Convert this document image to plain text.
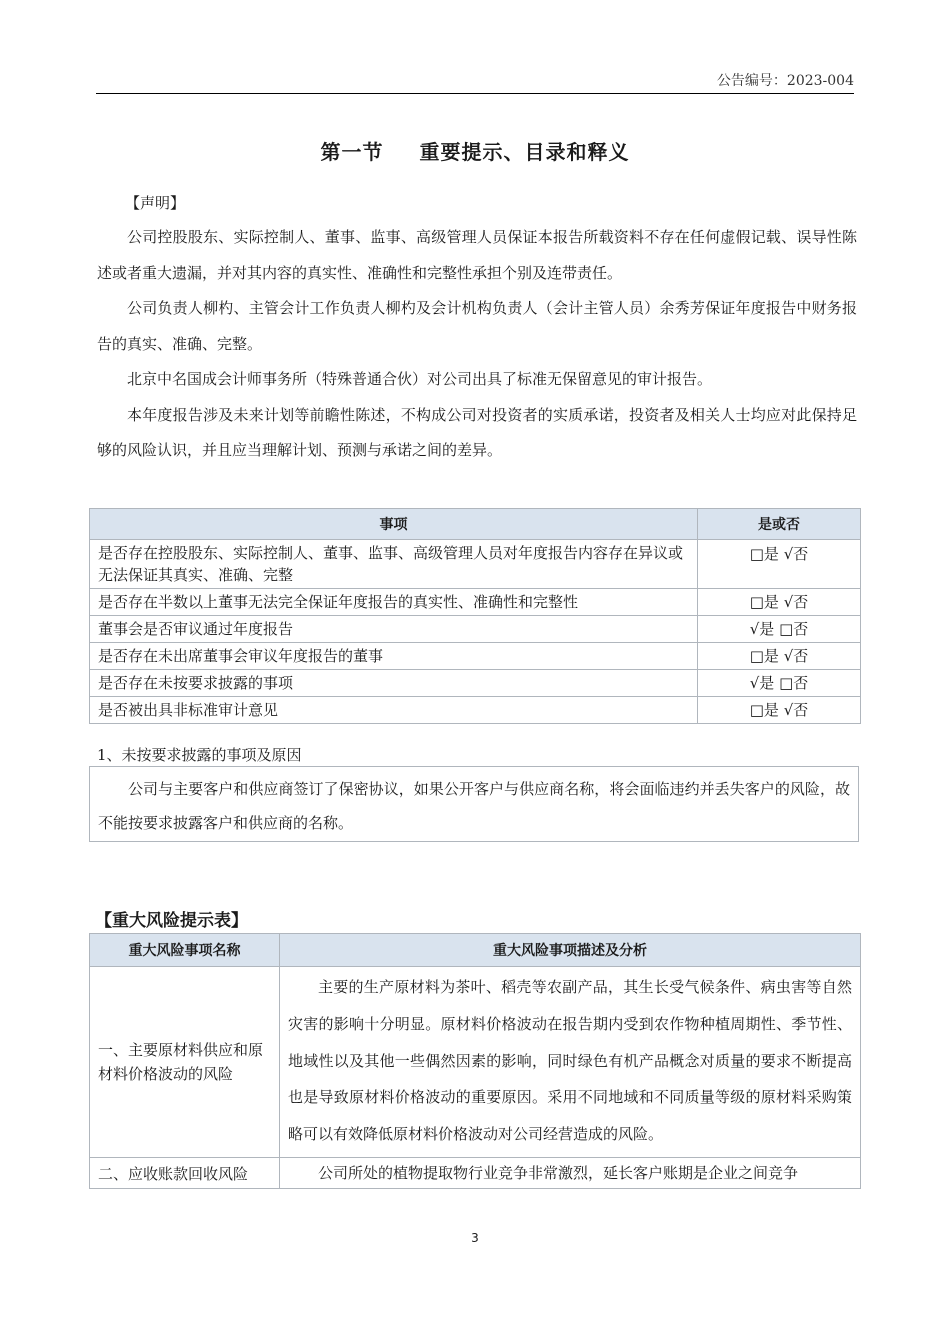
公告编号：2023-004
第一节 重要提示、目录和释义
【声明】

公司控股股东、实际控制人、董事、监事、高级管理人员保证本报告所载资料不存在任何虚假记载、误导性陈述或者重大遗漏，并对其内容的真实性、准确性和完整性承担个别及连带责任。

公司负责人柳杓、主管会计工作负责人柳杓及会计机构负责人（会计主管人员）余秀芳保证年度报告中财务报告的真实、准确、完整。

北京中名国成会计师事务所（特殊普通合伙）对公司出具了标准无保留意见的审计报告。

本年度报告涉及未来计划等前瞻性陈述，不构成公司对投资者的实质承诺，投资者及相关人士均应对此保持足够的风险认识，并且应当理解计划、预测与承诺之间的差异。

事项	是或否
是否存在控股股东、实际控制人、董事、监事、高级管理人员对年度报告内容存在异议或无法保证其真实、准确、完整	□是 √否
是否存在半数以上董事无法完全保证年度报告的真实性、准确性和完整性	□是 √否
董事会是否审议通过年度报告	√是 □否
是否存在未出席董事会审议年度报告的董事	□是 √否
是否存在未按要求披露的事项	√是 □否
是否被出具非标准审计意见	□是 √否
1、未按要求披露的事项及原因

公司与主要客户和供应商签订了保密协议，如果公开客户与供应商名称，将会面临违约并丢失客户的风险，故不能按要求披露客户和供应商的名称。

【重大风险提示表】
重大风险事项名称	重大风险事项描述及分析
一、主要原材料供应和原材料价格波动的风险	主要的生产原材料为茶叶、稻壳等农副产品，其生长受气候条件、病虫害等自然灾害的影响十分明显。原材料价格波动在报告期内受到农作物种植周期性、季节性、地域性以及其他一些偶然因素的影响，同时绿色有机产品概念对质量的要求不断提高也是导致原材料价格波动的重要原因。采用不同地域和不同质量等级的原材料采购策略可以有效降低原材料价格波动对公司经营造成的风险。

二、应收账款回收风险	公司所处的植物提取物行业竞争非常激烈，延长客户账期是企业之间竞争

3
